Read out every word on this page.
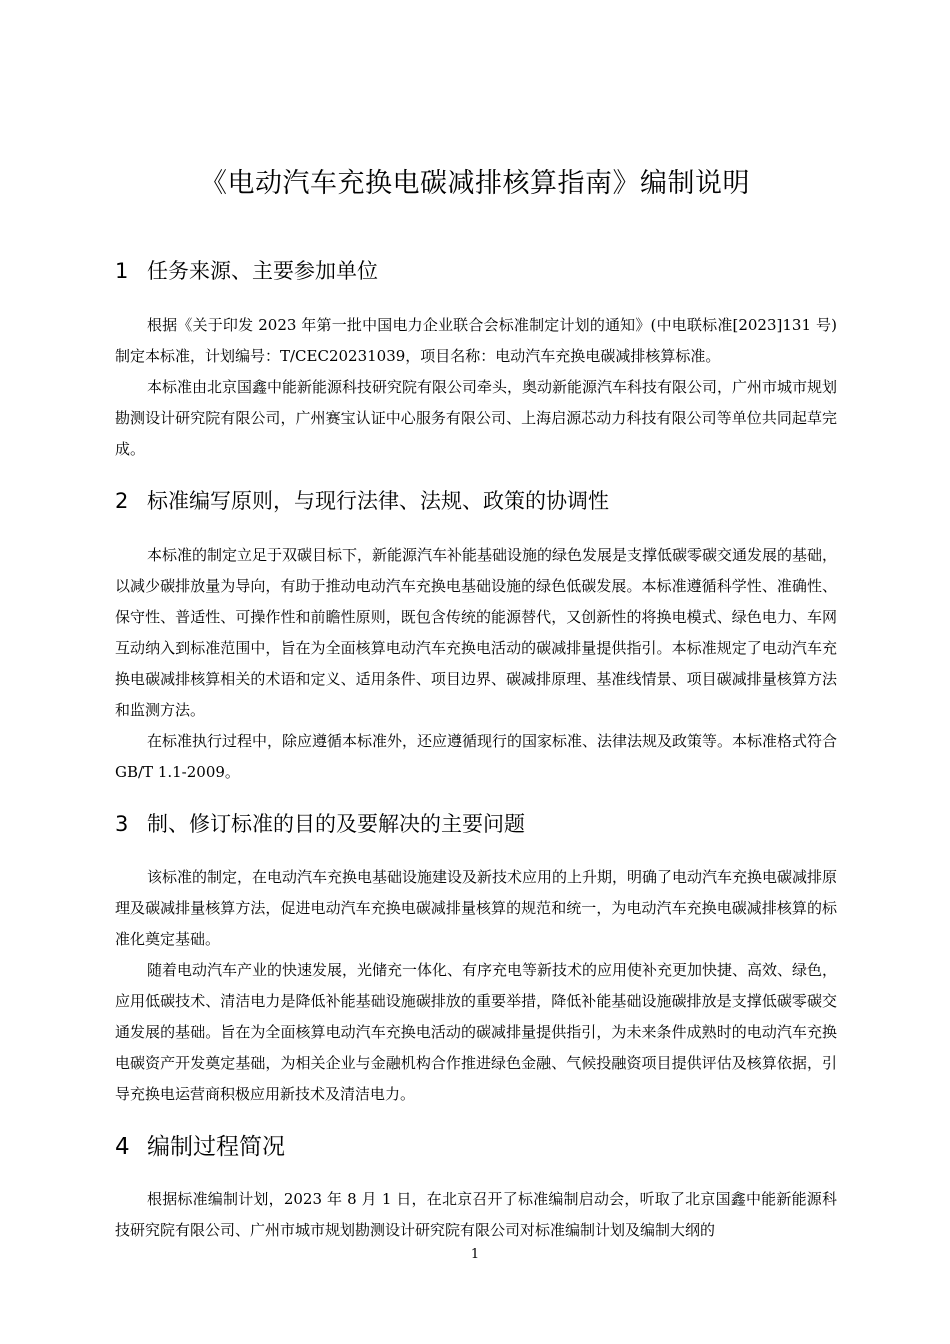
《电动汽车充换电碳减排核算指南》编制说明
1 任务来源、主要参加单位

根据《关于印发 2023 年第一批中国电力企业联合会标准制定计划的通知》(中电联标准[2023]131 号)制定本标准，计划编号：T/CEC20231039，项目名称：电动汽车充换电碳减排核算标准。

本标准由北京国鑫中能新能源科技研究院有限公司牵头，奥动新能源汽车科技有限公司，广州市城市规划勘测设计研究院有限公司，广州赛宝认证中心服务有限公司、上海启源芯动力科技有限公司等单位共同起草完成。

2 标准编写原则，与现行法律、法规、政策的协调性

本标准的制定立足于双碳目标下，新能源汽车补能基础设施的绿色发展是支撑低碳零碳交通发展的基础，以减少碳排放量为导向，有助于推动电动汽车充换电基础设施的绿色低碳发展。本标准遵循科学性、准确性、保守性、普适性、可操作性和前瞻性原则，既包含传统的能源替代，又创新性的将换电模式、绿色电力、车网互动纳入到标准范围中，旨在为全面核算电动汽车充换电活动的碳减排量提供指引。本标准规定了电动汽车充换电碳减排核算相关的术语和定义、适用条件、项目边界、碳减排原理、基准线情景、项目碳减排量核算方法和监测方法。

在标准执行过程中，除应遵循本标准外，还应遵循现行的国家标准、法律法规及政策等。本标准格式符合 GB/T 1.1-2009。

3 制、修订标准的目的及要解决的主要问题

该标准的制定，在电动汽车充换电基础设施建设及新技术应用的上升期，明确了电动汽车充换电碳减排原理及碳减排量核算方法，促进电动汽车充换电碳减排量核算的规范和统一，为电动汽车充换电碳减排核算的标准化奠定基础。

随着电动汽车产业的快速发展，光储充一体化、有序充电等新技术的应用使补充更加快捷、高效、绿色，应用低碳技术、清洁电力是降低补能基础设施碳排放的重要举措，降低补能基础设施碳排放是支撑低碳零碳交通发展的基础。旨在为全面核算电动汽车充换电活动的碳减排量提供指引，为未来条件成熟时的电动汽车充换电碳资产开发奠定基础，为相关企业与金融机构合作推进绿色金融、气候投融资项目提供评估及核算依据，引导充换电运营商积极应用新技术及清洁电力。

4 编制过程简况

根据标准编制计划，2023 年 8 月 1 日，在北京召开了标准编制启动会，听取了北京国鑫中能新能源科技研究院有限公司、广州市城市规划勘测设计研究院有限公司对标准编制计划及编制大纲的

1
